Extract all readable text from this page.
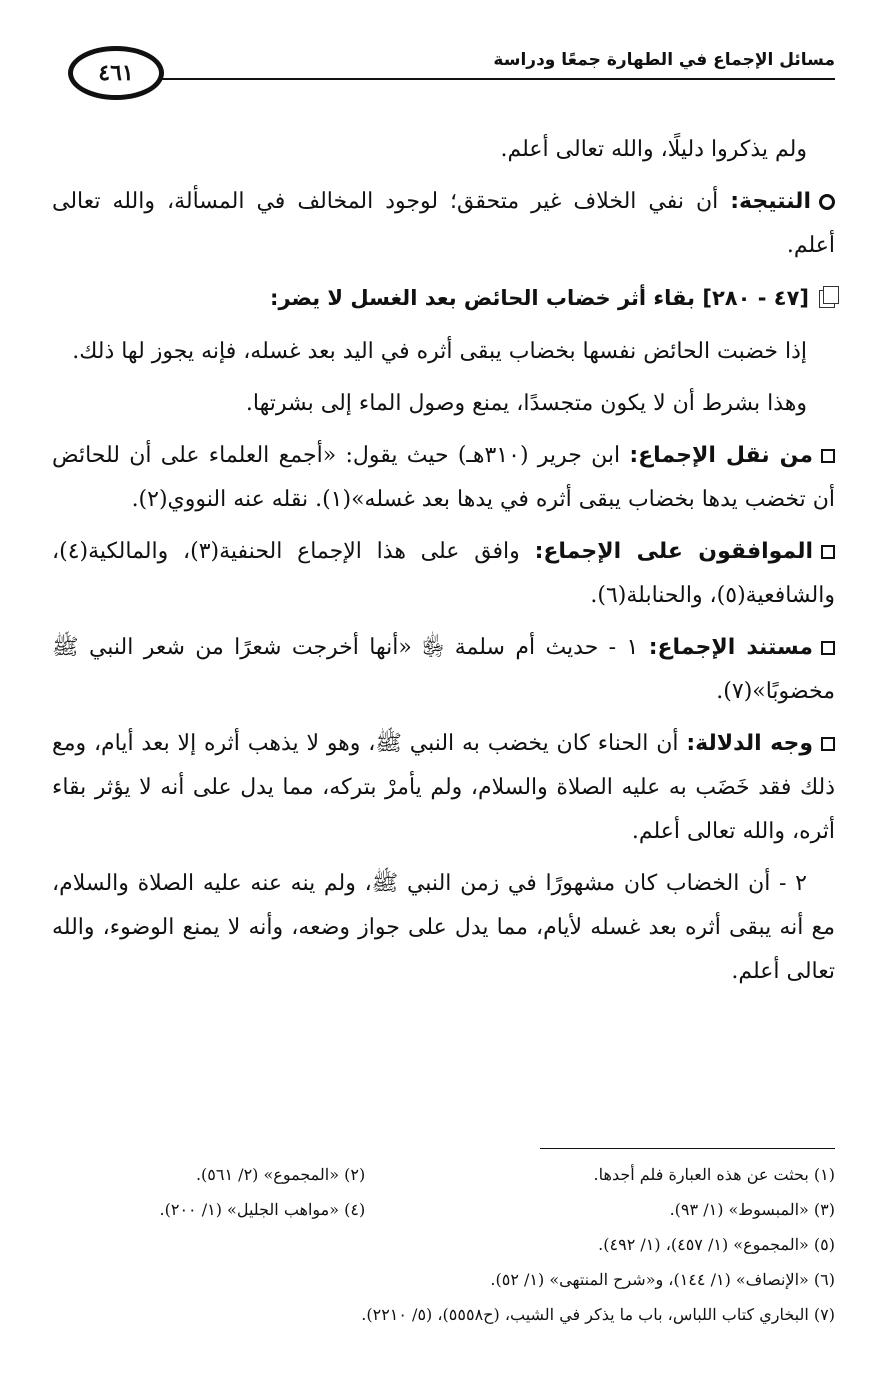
مسائل الإجماع في الطهارة جمعًا ودراسة
٤٦١

ولم يذكروا دليلًا، والله تعالى أعلم.

النتيجة: أن نفي الخلاف غير متحقق؛ لوجود المخالف في المسألة، والله تعالى أعلم.

[٤٧ - ٢٨٠] بقاء أثر خضاب الحائض بعد الغسل لا يضر:

إذا خضبت الحائض نفسها بخضاب يبقى أثره في اليد بعد غسله، فإنه يجوز لها ذلك.

وهذا بشرط أن لا يكون متجسدًا، يمنع وصول الماء إلى بشرتها.

من نقل الإجماع: ابن جرير (٣١٠هـ) حيث يقول: «أجمع العلماء على أن للحائض أن تخضب يدها بخضاب يبقى أثره في يدها بعد غسله»(١). نقله عنه النووي(٢).

الموافقون على الإجماع: وافق على هذا الإجماع الحنفية(٣)، والمالكية(٤)، والشافعية(٥)، والحنابلة(٦).

مستند الإجماع: ١ - حديث أم سلمة ﵂ «أنها أخرجت شعرًا من شعر النبي ﷺ مخضوبًا»(٧).

وجه الدلالة: أن الحناء كان يخضب به النبي ﷺ، وهو لا يذهب أثره إلا بعد أيام، ومع ذلك فقد خَضَب به عليه الصلاة والسلام، ولم يأمرْ بتركه، مما يدل على أنه لا يؤثر بقاء أثره، والله تعالى أعلم.

٢ - أن الخضاب كان مشهورًا في زمن النبي ﷺ، ولم ينه عنه عليه الصلاة والسلام، مع أنه يبقى أثره بعد غسله لأيام، مما يدل على جواز وضعه، وأنه لا يمنع الوضوء، والله تعالى أعلم.

(١) بحثت عن هذه العبارة فلم أجدها.
(٢) «المجموع» (٢/ ٥٦١).
(٣) «المبسوط» (١/ ٩٣).
(٤) «مواهب الجليل» (١/ ٢٠٠).
(٥) «المجموع» (١/ ٤٥٧)، (١/ ٤٩٢).
(٦) «الإنصاف» (١/ ١٤٤)، و«شرح المنتهى» (١/ ٥٢).
(٧) البخاري كتاب اللباس، باب ما يذكر في الشيب، (ح٥٥٥٨)، (٥/ ٢٢١٠).
